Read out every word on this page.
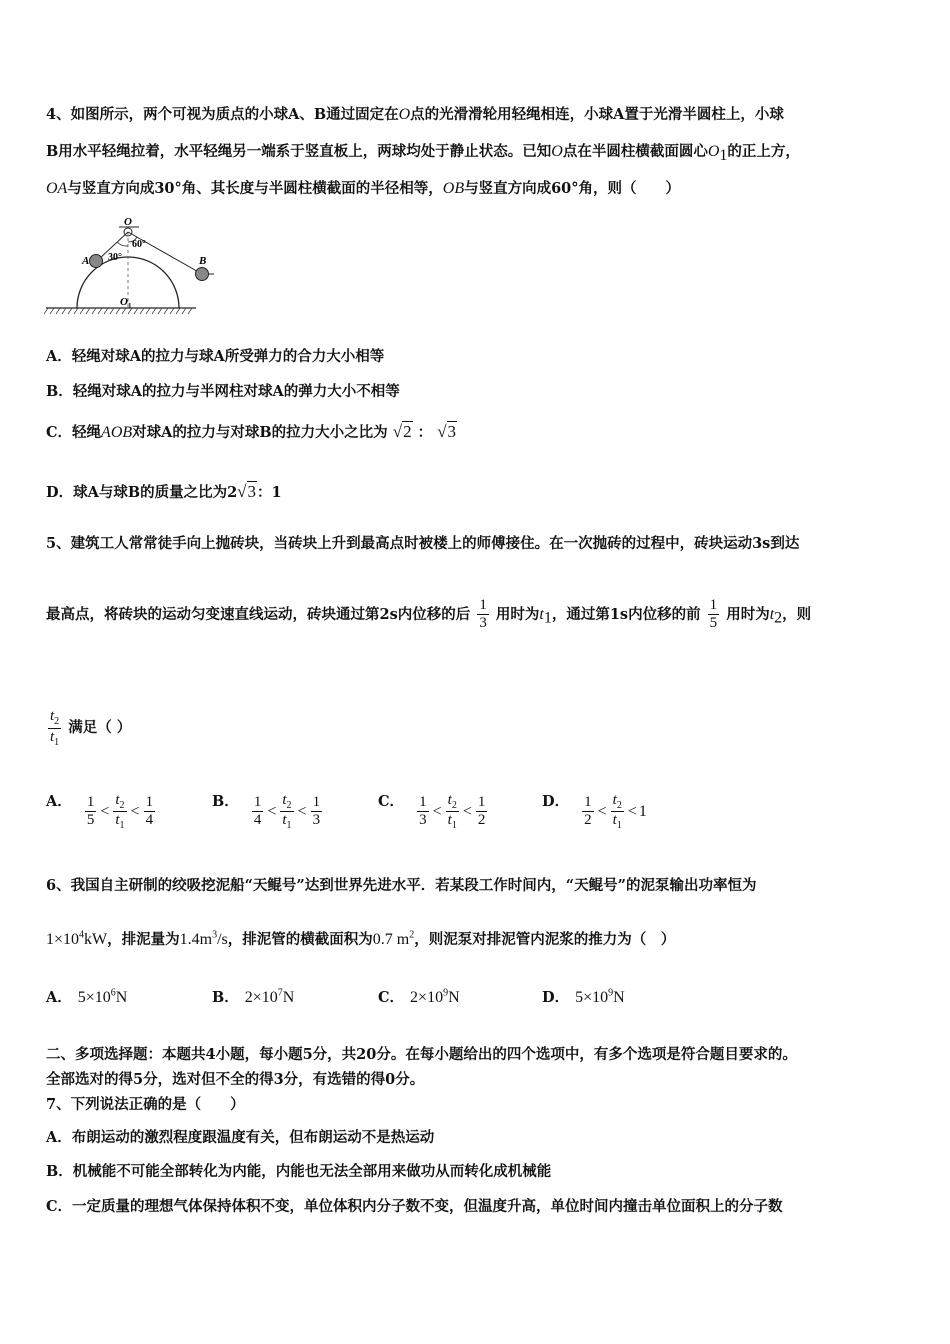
4、如图所示，两个可视为质点的小球A、B通过固定在O点的光滑滑轮用轻绳相连，小球A置于光滑半圆柱上，小球
B用水平轻绳拉着，水平轻绳另一端系于竖直板上，两球均处于静止状态。已知O点在半圆柱横截面圆心$O_1$的正上方，
OA与竖直方向成30°角、其长度与半圆柱横截面的半径相等，OB与竖直方向成60°角，则（　　）
O
A	B
30°
60°
O 1
A．轻绳对球A的拉力与球A所受弹力的合力大小相等
B．轻绳对球A的拉力与半网柱对球A的弹力大小不相等
C．轻绳AOB对球A的拉力与对球B的拉力大小之比为 √2 ： √3
D．球A与球B的质量之比为2√3：1
5、建筑工人常常徒手向上抛砖块，当砖块上升到最高点时被楼上的师傅接住。在一次抛砖的过程中，砖块运动3s到达
最高点，将砖块的运动匀变速直线运动，砖块通过第2s内位移的后 $\frac{1}{3}$ 用时为$t_1$，通过第1s内位移的前 $\frac{1}{5}$ 用时为$t_2$，则
$\frac{t_2}{t_1}$ 满足（ ）
A． $\frac{1}{5} < \frac{t_2}{t_1} < \frac{1}{4}$	B． $\frac{1}{4} < \frac{t_2}{t_1} < \frac{1}{3}$	C． $\frac{1}{3} < \frac{t_2}{t_1} < \frac{1}{2}$	D． $\frac{1}{2} < \frac{t_2}{t_1} < 1$
6、我国自主研制的绞吸挖泥船“天鲲号”达到世界先进水平．若某段工作时间内，“天鲲号”的泥泵输出功率恒为
$1\times 10^4kW$，排泥量为$1.4m^3/s$，排泥管的横截面积为0.7 $m^2$，则泥泵对排泥管内泥浆的推力为（　）
A． $5\times 10^6N$	B． $2\times 10^7N$	C． $2\times 10^9N$	D． $5\times 10^9N$
二、多项选择题：本题共4小题，每小题5分，共20分。在每小题给出的四个选项中，有多个选项是符合题目要求的。
全部选对的得5分，选对但不全的得3分，有选错的得0分。
7、下列说法正确的是（　　）
A．布朗运动的激烈程度跟温度有关，但布朗运动不是热运动
B．机械能不可能全部转化为内能，内能也无法全部用来做功从而转化成机械能
C．一定质量的理想气体保持体积不变，单位体积内分子数不变，但温度升高，单位时间内撞击单位面积上的分子数
